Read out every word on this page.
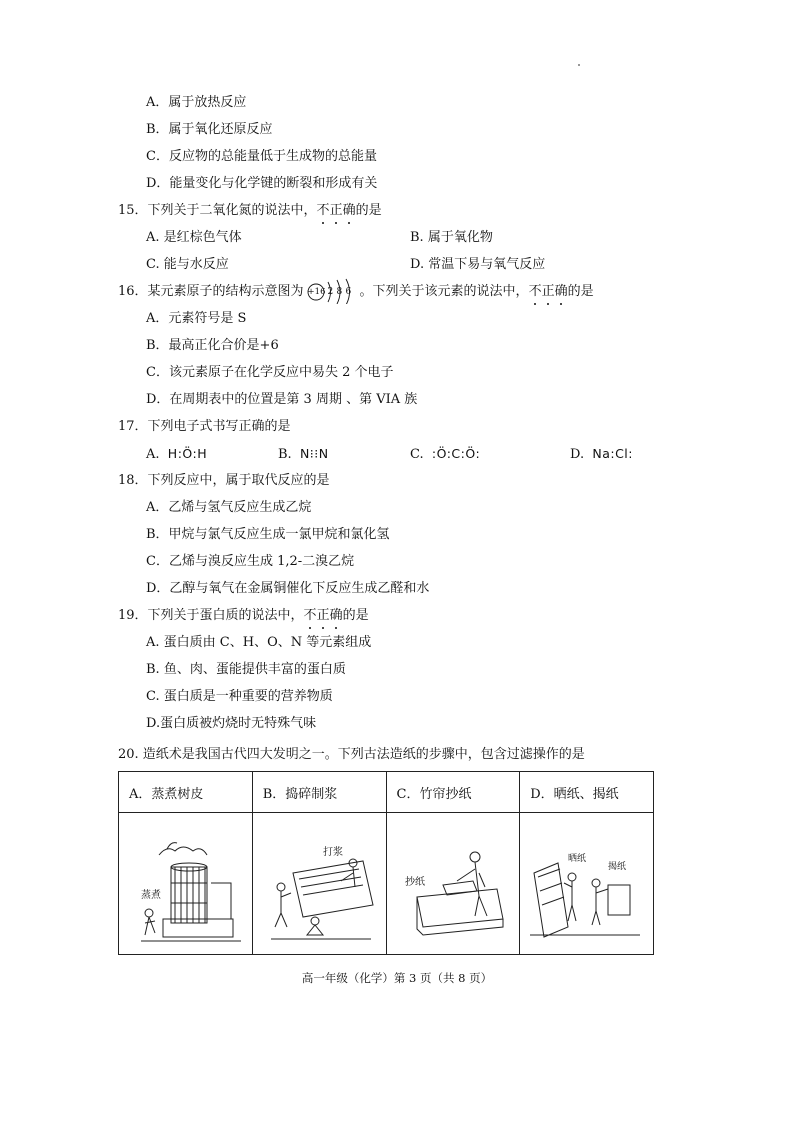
A．属于放热反应
B．属于氧化还原反应
C．反应物的总能量低于生成物的总能量
D．能量变化与化学键的断裂和形成有关
15．下列关于二氧化氮的说法中，不正确的是
A. 是红棕色气体	B. 属于氧化物
C. 能与水反应	D. 常温下易与氧气反应
16．某元素原子的结构示意图为 +16 2 8 6 。下列关于该元素的说法中，不正确的是
A．元素符号是 S
B．最高正化合价是+6
C．该元素原子在化学反应中易失 2 个电子
D．在周期表中的位置是第 3 周期 、第 VIA 族
17．下列电子式书写正确的是
A. H:Ö:H	B. N⁝⁝N	C. :Ö:C:Ö:	D. Na:Cl:
18．下列反应中，属于取代反应的是
A．乙烯与氢气反应生成乙烷
B．甲烷与氯气反应生成一氯甲烷和氯化氢
C．乙烯与溴反应生成 1,2-二溴乙烷
D．乙醇与氧气在金属铜催化下反应生成乙醛和水
19．下列关于蛋白质的说法中，不正确的是
A. 蛋白质由 C、H、O、N 等元素组成
B. 鱼、肉、蛋能提供丰富的蛋白质
C. 蛋白质是一种重要的营养物质
D.蛋白质被灼烧时无特殊气味
20. 造纸术是我国古代四大发明之一。下列古法造纸的步骤中，包含过滤操作的是
A．蒸煮树皮	B．捣碎制浆	C．竹帘抄纸	D．晒纸、揭纸

蒸煮	打浆	抄纸	晒纸
揭纸
高一年级（化学）第 3 页（共 8 页）
